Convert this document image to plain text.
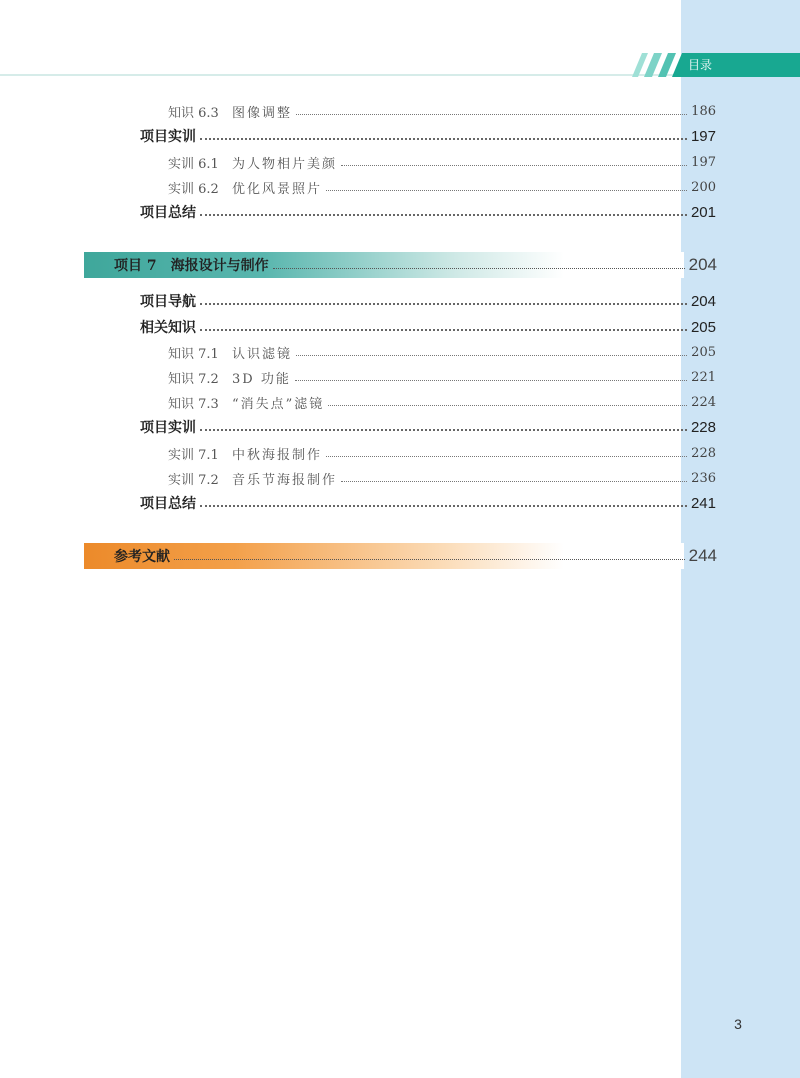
目录
知识 6.3	图像调整	186
项目实训	197
实训 6.1	为人物相片美颜	197
实训 6.2	优化风景照片	200
项目总结	201
项目 7　海报设计与制作	204
项目导航	204
相关知识	205
知识 7.1	认识滤镜	205
知识 7.2	3D 功能	221
知识 7.3	“消失点”滤镜	224
项目实训	228
实训 7.1	中秋海报制作	228
实训 7.2	音乐节海报制作	236
项目总结	241
参考文献	244
3
